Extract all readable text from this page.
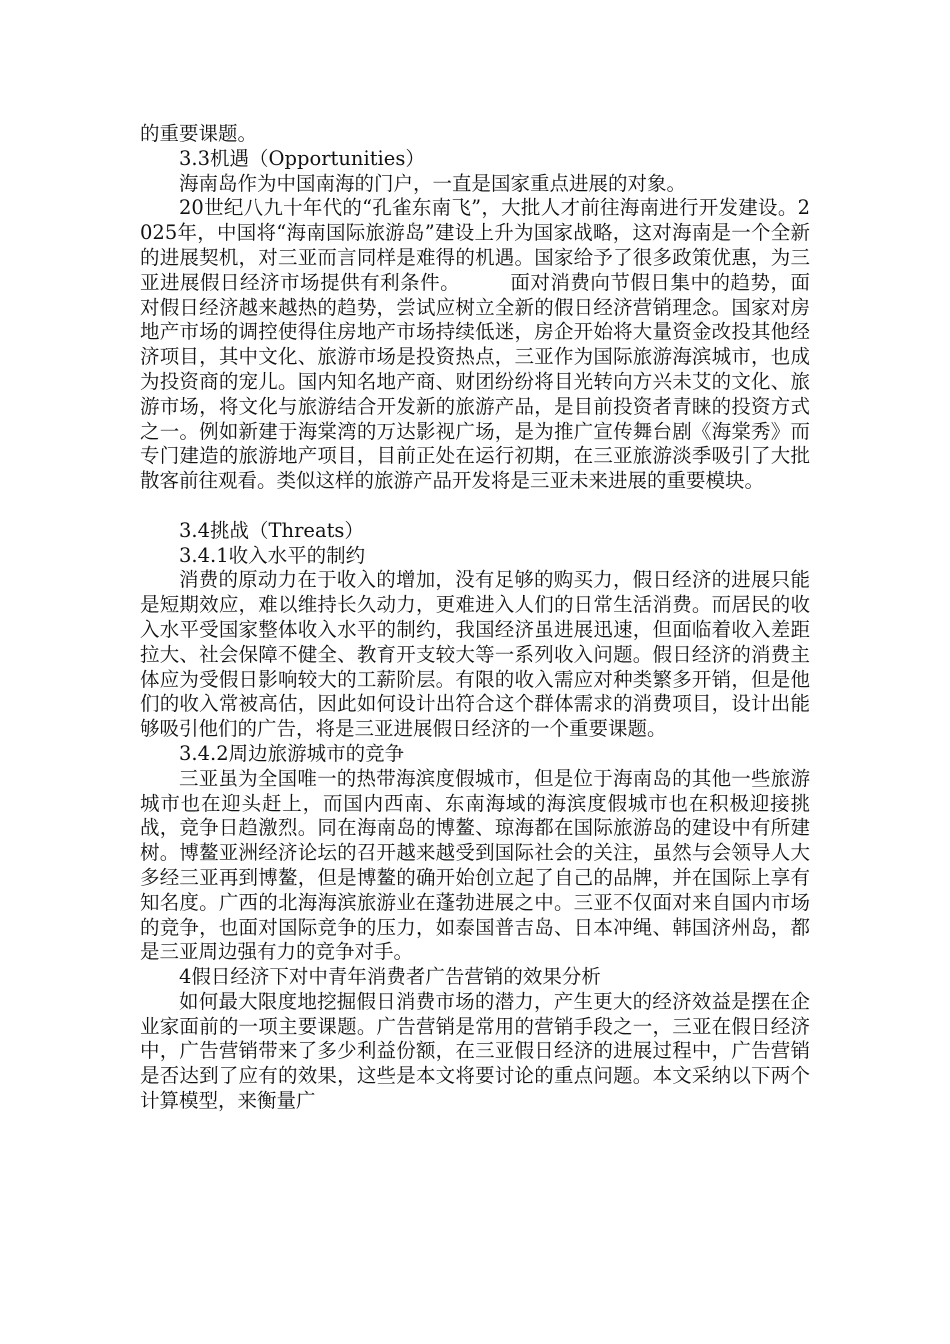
的重要课题。

3.3机遇（Opportunities）

海南岛作为中国南海的门户，一直是国家重点进展的对象。

20世纪八九十年代的“孔雀东南飞”，大批人才前往海南进行开发建设。2025年，中国将“海南国际旅游岛”建设上升为国家战略，这对海南是一个全新的进展契机，对三亚而言同样是难得的机遇。国家给予了很多政策优惠，为三亚进展假日经济市场提供有利条件。　　　面对消费向节假日集中的趋势，面对假日经济越来越热的趋势，尝试应树立全新的假日经济营销理念。国家对房地产市场的调控使得住房地产市场持续低迷，房企开始将大量资金改投其他经济项目，其中文化、旅游市场是投资热点，三亚作为国际旅游海滨城市，也成为投资商的宠儿。国内知名地产商、财团纷纷将目光转向方兴未艾的文化、旅游市场，将文化与旅游结合开发新的旅游产品，是目前投资者青睐的投资方式之一。例如新建于海棠湾的万达影视广场，是为推广宣传舞台剧《海棠秀》而专门建造的旅游地产项目，目前正处在运行初期，在三亚旅游淡季吸引了大批散客前往观看。类似这样的旅游产品开发将是三亚未来进展的重要模块。

3.4挑战（Threats）

3.4.1收入水平的制约

消费的原动力在于收入的增加，没有足够的购买力，假日经济的进展只能是短期效应，难以维持长久动力，更难进入人们的日常生活消费。而居民的收入水平受国家整体收入水平的制约，我国经济虽进展迅速，但面临着收入差距拉大、社会保障不健全、教育开支较大等一系列收入问题。假日经济的消费主体应为受假日影响较大的工薪阶层。有限的收入需应对种类繁多开销，但是他们的收入常被高估，因此如何设计出符合这个群体需求的消费项目，设计出能够吸引他们的广告，将是三亚进展假日经济的一个重要课题。

3.4.2周边旅游城市的竞争

三亚虽为全国唯一的热带海滨度假城市，但是位于海南岛的其他一些旅游城市也在迎头赶上，而国内西南、东南海域的海滨度假城市也在积极迎接挑战，竞争日趋激烈。同在海南岛的博鳌、琼海都在国际旅游岛的建设中有所建树。博鳌亚洲经济论坛的召开越来越受到国际社会的关注，虽然与会领导人大多经三亚再到博鳌，但是博鳌的确开始创立起了自己的品牌，并在国际上享有知名度。广西的北海海滨旅游业在蓬勃进展之中。三亚不仅面对来自国内市场的竞争，也面对国际竞争的压力，如泰国普吉岛、日本冲绳、韩国济州岛，都是三亚周边强有力的竞争对手。

4假日经济下对中青年消费者广告营销的效果分析

如何最大限度地挖掘假日消费市场的潜力，产生更大的经济效益是摆在企业家面前的一项主要课题。广告营销是常用的营销手段之一，三亚在假日经济中，广告营销带来了多少利益份额，在三亚假日经济的进展过程中，广告营销是否达到了应有的效果，这些是本文将要讨论的重点问题。本文采纳以下两个计算模型，来衡量广
